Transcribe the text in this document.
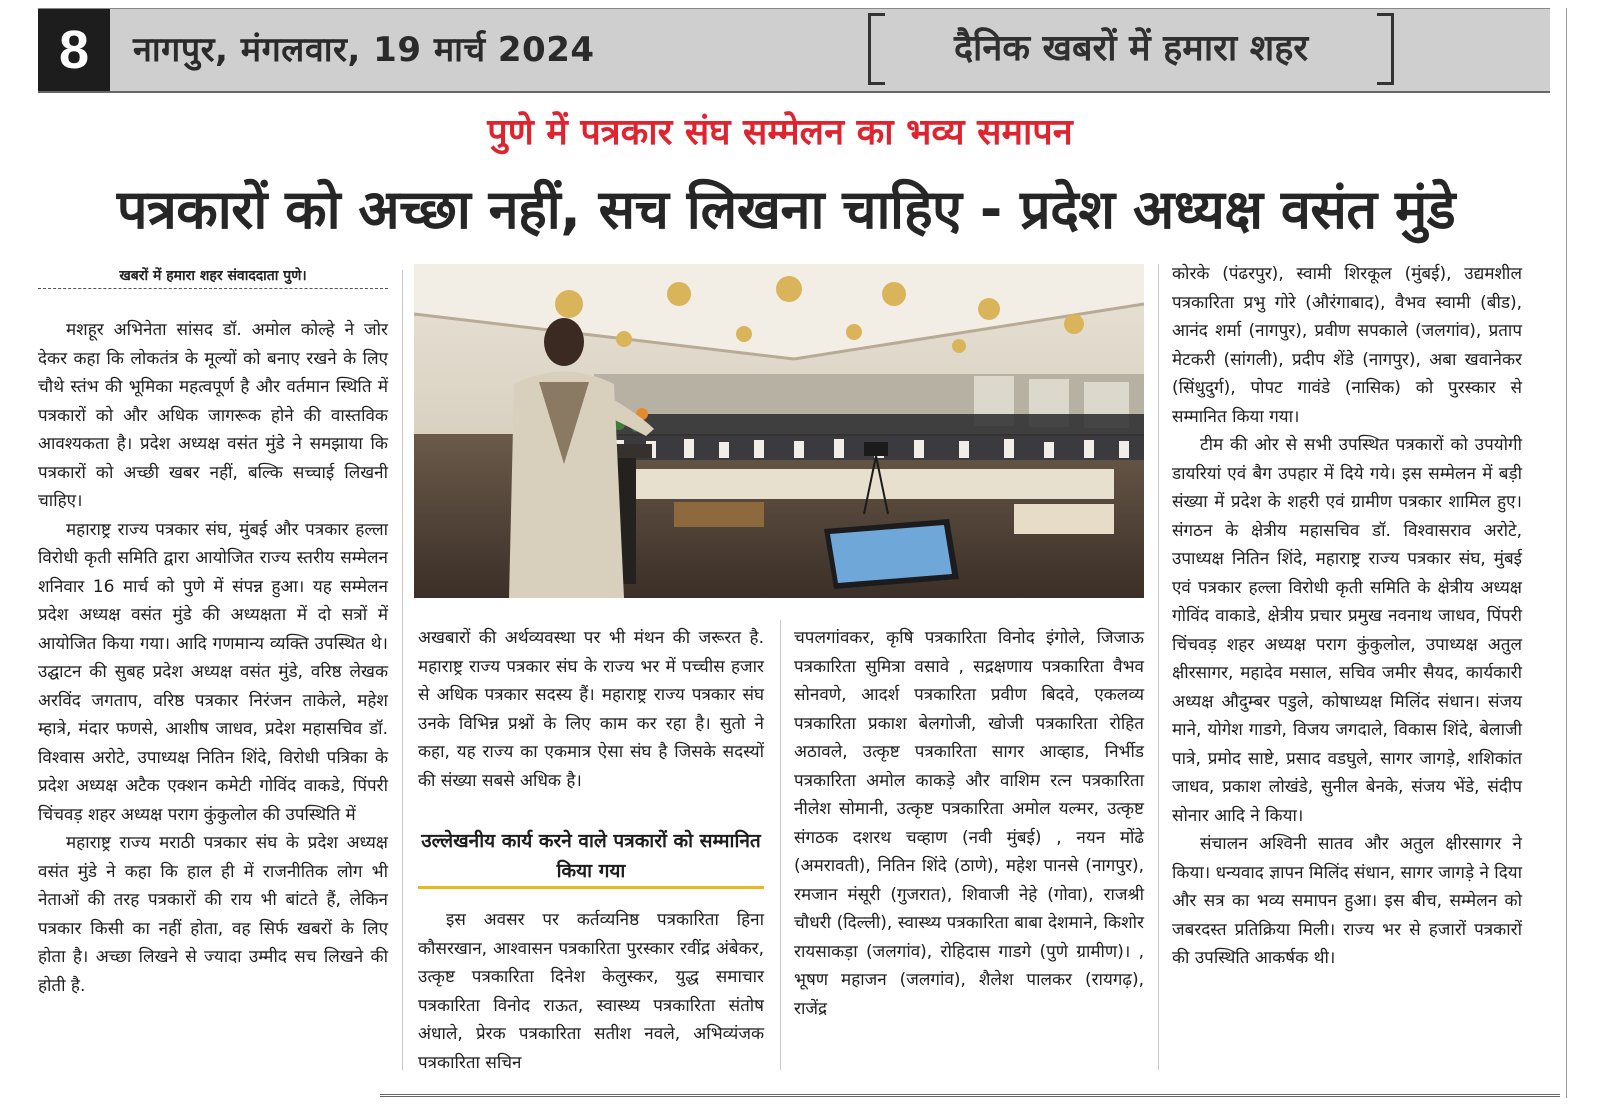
8	नागपुर, मंगलवार, 19 मार्च 2024	दैनिक खबरों में हमारा शहर
पुणे में पत्रकार संघ सम्मेलन का भव्य समापन
पत्रकारों को अच्छा नहीं, सच लिखना चाहिए - प्रदेश अध्यक्ष वसंत मुंडे
खबरों में हमारा शहर संवाददाता पुणे।

मशहूर अभिनेता सांसद डॉ. अमोल कोल्हे ने जोर देकर कहा कि लोकतंत्र के मूल्यों को बनाए रखने के लिए चौथे स्तंभ की भूमिका महत्वपूर्ण है और वर्तमान स्थिति में पत्रकारों को और अधिक जागरूक होने की वास्तविक आवश्यकता है। प्रदेश अध्यक्ष वसंत मुंडे ने समझाया कि पत्रकारों को अच्छी खबर नहीं, बल्कि सच्चाई लिखनी चाहिए।

महाराष्ट्र राज्य पत्रकार संघ, मुंबई और पत्रकार हल्ला विरोधी कृती समिति द्वारा आयोजित राज्य स्तरीय सम्मेलन शनिवार 16 मार्च को पुणे में संपन्न हुआ। यह सम्मेलन प्रदेश अध्यक्ष वसंत मुंडे की अध्यक्षता में दो सत्रों में आयोजित किया गया। आदि गणमान्य व्यक्ति उपस्थित थे। उद्घाटन की सुबह प्रदेश अध्यक्ष वसंत मुंडे, वरिष्ठ लेखक अरविंद जगताप, वरिष्ठ पत्रकार निरंजन ताकेले, महेश म्हात्रे, मंदार फणसे, आशीष जाधव, प्रदेश महासचिव डॉ. विश्वास अरोटे, उपाध्यक्ष नितिन शिंदे, विरोधी पत्रिका के प्रदेश अध्यक्ष अटैक एक्शन कमेटी गोविंद वाकडे, पिंपरी चिंचवड़ शहर अध्यक्ष पराग कुंकुलोल की उपस्थिति में

महाराष्ट्र राज्य मराठी पत्रकार संघ के प्रदेश अध्यक्ष वसंत मुंडे ने कहा कि हाल ही में राजनीतिक लोग भी नेताओं की तरह पत्रकारों की राय भी बांटते हैं, लेकिन पत्रकार किसी का नहीं होता, वह सिर्फ खबरों के लिए होता है। अच्छा लिखने से ज्यादा उम्मीद सच लिखने की होती है.

अखबारों की अर्थव्यवस्था पर भी मंथन की जरूरत है. महाराष्ट्र राज्य पत्रकार संघ के राज्य भर में पच्चीस हजार से अधिक पत्रकार सदस्य हैं। महाराष्ट्र राज्य पत्रकार संघ उनके विभिन्न प्रश्नों के लिए काम कर रहा है। सुतो ने कहा, यह राज्य का एकमात्र ऐसा संघ है जिसके सदस्यों की संख्या सबसे अधिक है।

उल्लेखनीय कार्य करने वाले पत्रकारों को सम्मानित किया गया

इस अवसर पर कर्तव्यनिष्ठ पत्रकारिता हिना कौसरखान, आश्वासन पत्रकारिता पुरस्कार रवींद्र अंबेकर, उत्कृष्ट पत्रकारिता दिनेश केलुस्कर, युद्ध समाचार पत्रकारिता विनोद राऊत, स्वास्थ्य पत्रकारिता संतोष अंधाले, प्रेरक पत्रकारिता सतीश नवले, अभिव्यंजक पत्रकारिता सचिन

चपलगांवकर, कृषि पत्रकारिता विनोद इंगोले, जिजाऊ पत्रकारिता सुमित्रा वसावे , सद्रक्षणाय पत्रकारिता वैभव सोनवणे, आदर्श पत्रकारिता प्रवीण बिदवे, एकलव्य पत्रकारिता प्रकाश बेलगोजी, खोजी पत्रकारिता रोहित अठावले, उत्कृष्ट पत्रकारिता सागर आव्हाड, निर्भीड पत्रकारिता अमोल काकड़े और वाशिम रत्न पत्रकारिता नीलेश सोमानी, उत्कृष्ट पत्रकारिता अमोल यल्मर, उत्कृष्ट संगठक दशरथ चव्हाण (नवी मुंबई) , नयन मोंढे (अमरावती), नितिन शिंदे (ठाणे), महेश पानसे (नागपुर), रमजान मंसूरी (गुजरात), शिवाजी नेहे (गोवा), राजश्री चौधरी (दिल्ली), स्वास्थ्य पत्रकारिता बाबा देशमाने, किशोर रायसाकड़ा (जलगांव), रोहिदास गाडगे (पुणे ग्रामीण)। , भूषण महाजन (जलगांव), शैलेश पालकर (रायगढ़), राजेंद्र

कोरके (पंढरपुर), स्वामी शिरकूल (मुंबई), उद्यमशील पत्रकारिता प्रभु गोरे (औरंगाबाद), वैभव स्वामी (बीड), आनंद शर्मा (नागपुर), प्रवीण सपकाले (जलगांव), प्रताप मेटकरी (सांगली), प्रदीप शेंडे (नागपुर), अबा खवानेकर (सिंधुदुर्ग), पोपट गावंडे (नासिक) को पुरस्कार से सम्मानित किया गया।

टीम की ओर से सभी उपस्थित पत्रकारों को उपयोगी डायरियां एवं बैग उपहार में दिये गये। इस सम्मेलन में बड़ी संख्या में प्रदेश के शहरी एवं ग्रामीण पत्रकार शामिल हुए। संगठन के क्षेत्रीय महासचिव डॉ. विश्वासराव अरोटे, उपाध्यक्ष नितिन शिंदे, महाराष्ट्र राज्य पत्रकार संघ, मुंबई एवं पत्रकार हल्ला विरोधी कृती समिति के क्षेत्रीय अध्यक्ष गोविंद वाकाडे, क्षेत्रीय प्रचार प्रमुख नवनाथ जाधव, पिंपरी चिंचवड़ शहर अध्यक्ष पराग कुंकुलोल, उपाध्यक्ष अतुल क्षीरसागर, महादेव मसाल, सचिव जमीर सैयद, कार्यकारी अध्यक्ष औदुम्बर पडुले, कोषाध्यक्ष मिलिंद संधान। संजय माने, योगेश गाडगे, विजय जगदाले, विकास शिंदे, बेलाजी पात्रे, प्रमोद साष्टे, प्रसाद वडघुले, सागर जागड़े, शशिकांत जाधव, प्रकाश लोखंडे, सुनील बेनके, संजय भेंडे, संदीप सोनार आदि ने किया।

संचालन अश्विनी सातव और अतुल क्षीरसागर ने किया। धन्यवाद ज्ञापन मिलिंद संधान, सागर जागड़े ने दिया और सत्र का भव्य समापन हुआ। इस बीच, सम्मेलन को जबरदस्त प्रतिक्रिया मिली। राज्य भर से हजारों पत्रकारों की उपस्थिति आकर्षक थी।
